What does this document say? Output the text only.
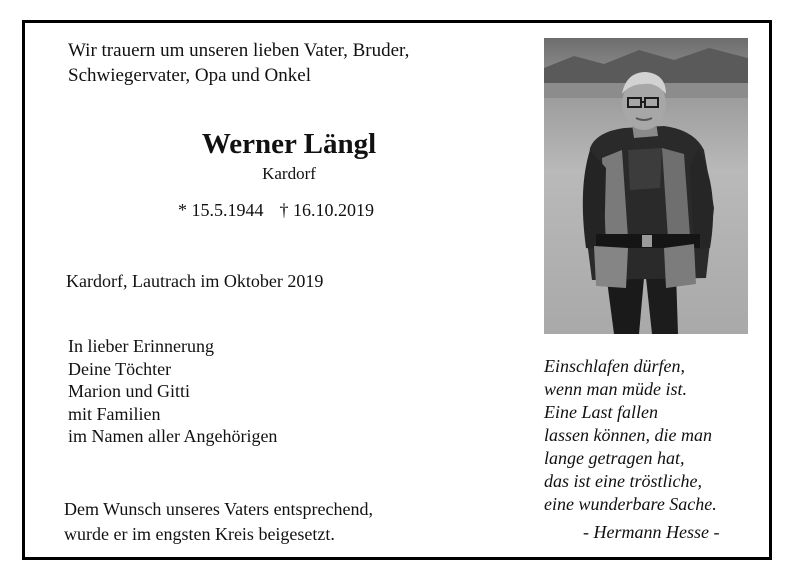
Wir trauern um unseren lieben Vater, Bruder,
Schwiegervater, Opa und Onkel
Werner Längl
Kardorf
* 15.5.1944 † 16.10.2019
Kardorf, Lautrach im Oktober 2019
In lieber Erinnerung
Deine Töchter
Marion und Gitti
mit Familien
im Namen aller Angehörigen
Dem Wunsch unseres Vaters entsprechend,
wurde er im engsten Kreis beigesetzt.
Einschlafen dürfen,
wenn man müde ist.
Eine Last fallen
lassen können, die man
lange getragen hat,
das ist eine tröstliche,
eine wunderbare Sache.
- Hermann Hesse -
